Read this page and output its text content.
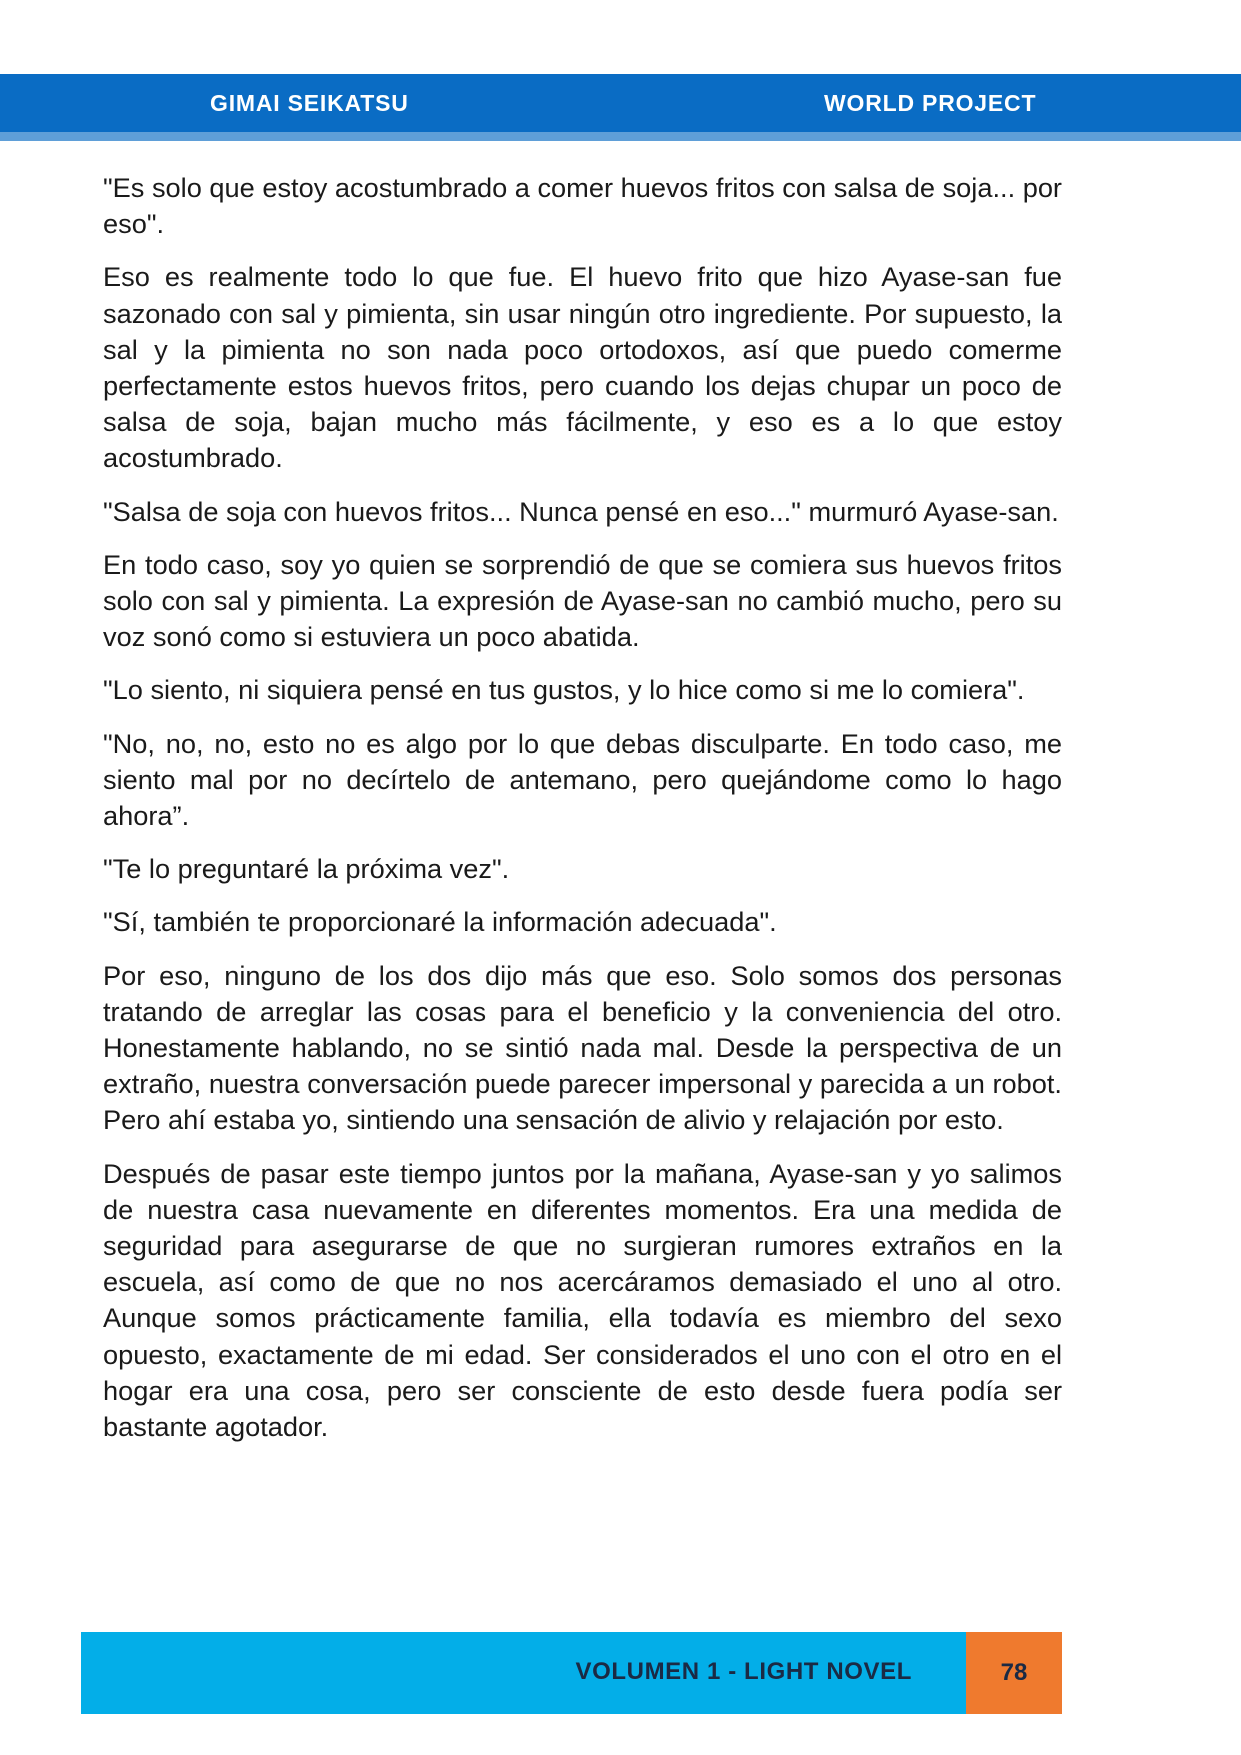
GIMAI SEIKATSU	WORLD PROJECT

"Es solo que estoy acostumbrado a comer huevos fritos con salsa de soja... por eso".

Eso es realmente todo lo que fue. El huevo frito que hizo Ayase-san fue sazonado con sal y pimienta, sin usar ningún otro ingrediente. Por supuesto, la sal y la pimienta no son nada poco ortodoxos, así que puedo comerme perfectamente estos huevos fritos, pero cuando los dejas chupar un poco de salsa de soja, bajan mucho más fácilmente, y eso es a lo que estoy acostumbrado.

"Salsa de soja con huevos fritos... Nunca pensé en eso..." murmuró Ayase-san.

En todo caso, soy yo quien se sorprendió de que se comiera sus huevos fritos solo con sal y pimienta. La expresión de Ayase-san no cambió mucho, pero su voz sonó como si estuviera un poco abatida.

"Lo siento, ni siquiera pensé en tus gustos, y lo hice como si me lo comiera".

"No, no, no, esto no es algo por lo que debas disculparte. En todo caso, me siento mal por no decírtelo de antemano, pero quejándome como lo hago ahora”.

"Te lo preguntaré la próxima vez".

"Sí, también te proporcionaré la información adecuada".

Por eso, ninguno de los dos dijo más que eso. Solo somos dos personas tratando de arreglar las cosas para el beneficio y la conveniencia del otro. Honestamente hablando, no se sintió nada mal. Desde la perspectiva de un extraño, nuestra conversación puede parecer impersonal y parecida a un robot. Pero ahí estaba yo, sintiendo una sensación de alivio y relajación por esto.

Después de pasar este tiempo juntos por la mañana, Ayase-san y yo salimos de nuestra casa nuevamente en diferentes momentos. Era una medida de seguridad para asegurarse de que no surgieran rumores extraños en la escuela, así como de que no nos acercáramos demasiado el uno al otro. Aunque somos prácticamente familia, ella todavía es miembro del sexo opuesto, exactamente de mi edad. Ser considerados el uno con el otro en el hogar era una cosa, pero ser consciente de esto desde fuera podía ser bastante agotador.

VOLUMEN 1 - LIGHT NOVEL	78
